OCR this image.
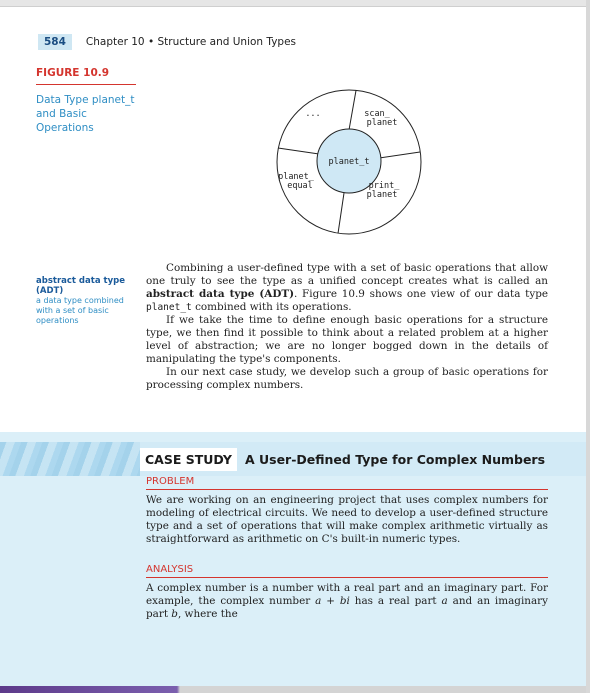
584	Chapter 10 • Structure and Union Types
FIGURE 10.9
Data Type planet_t and Basic Operations
planet_t
...	scan_
planet
planet_
equal	print_
planet
abstract data type (ADT)
a data type combined with a set of basic operations

Combining a user-defined type with a set of basic operations that allow one truly to see the type as a unified concept creates what is called an abstract data type (ADT). Figure 10.9 shows one view of our data type planet_t combined with its operations.

If we take the time to define enough basic operations for a structure type, we then find it possible to think about a related problem at a higher level of abstraction; we are no longer bogged down in the details of manipulating the type's components.

In our next case study, we develop such a group of basic operations for processing complex numbers.

CASE STUDY	A User-Defined Type for Complex Numbers
PROBLEM
We are working on an engineering project that uses complex numbers for modeling of electrical circuits. We need to develop a user-defined structure type and a set of operations that will make complex arithmetic virtually as straightforward as arithmetic on C's built-in numeric types.
ANALYSIS
A complex number is a number with a real part and an imaginary part. For example, the complex number a + bi has a real part a and an imaginary part b, where the
